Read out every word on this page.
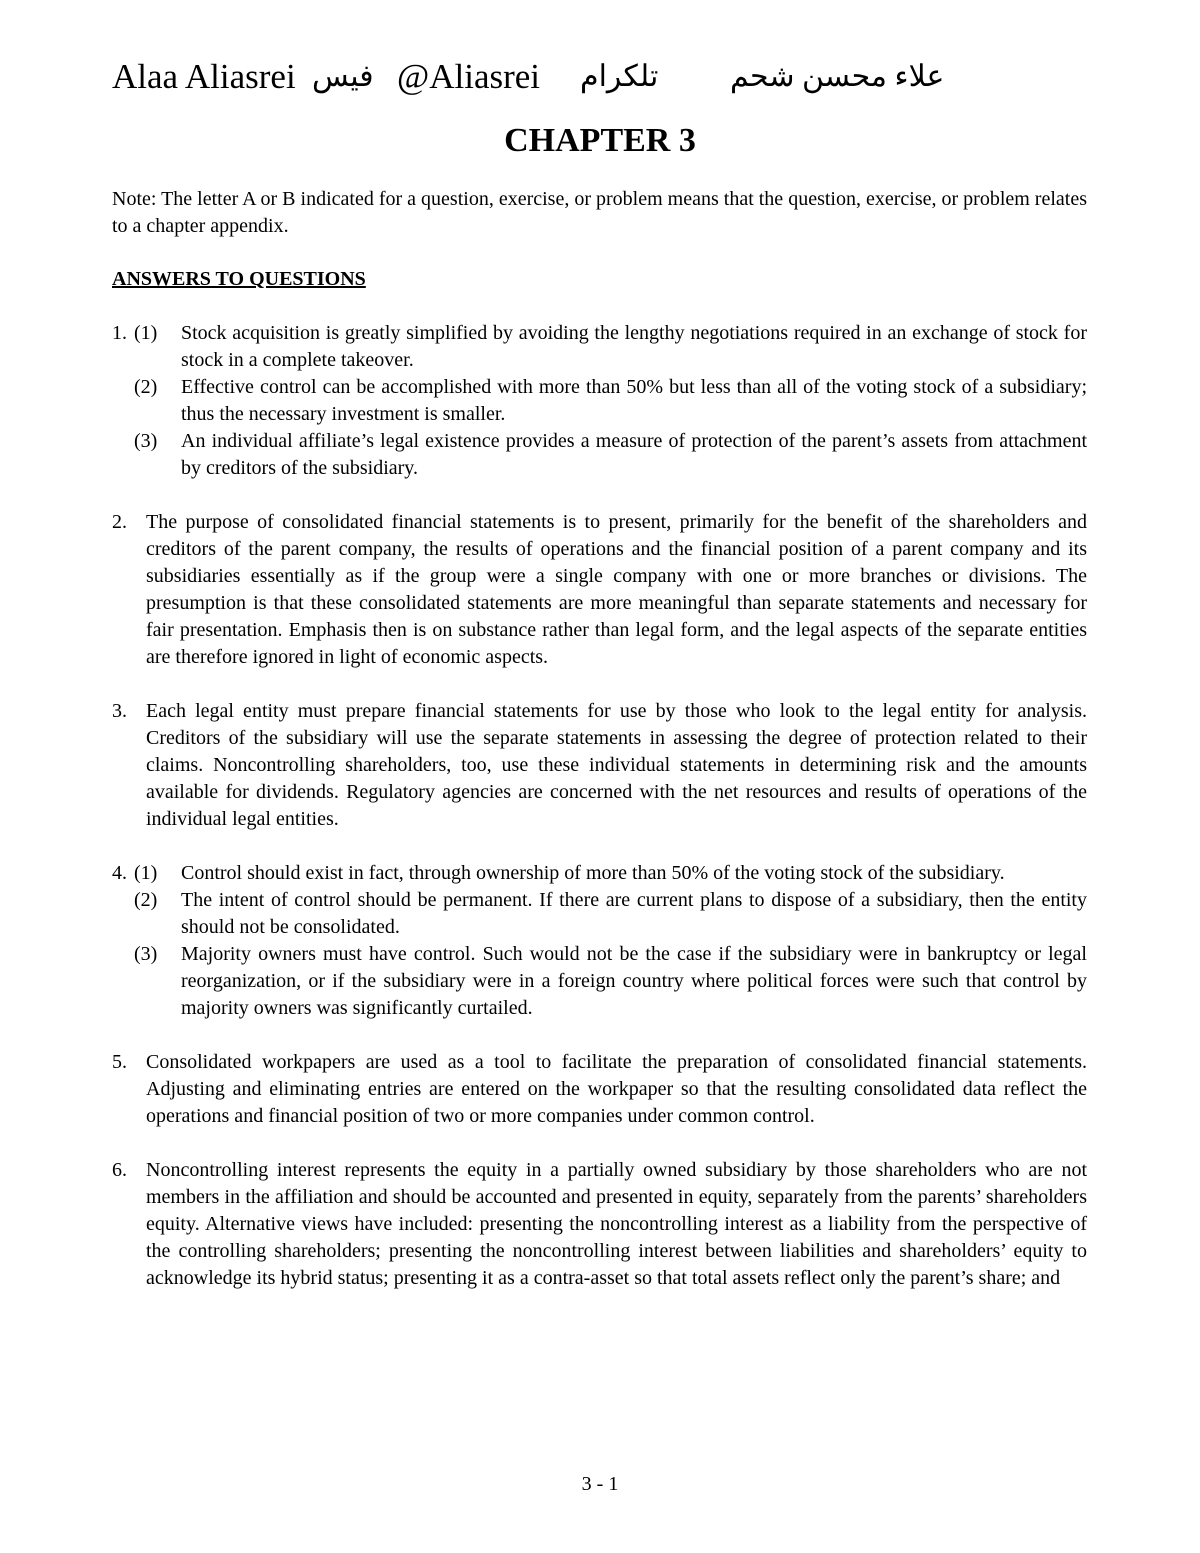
Alaa Aliasrei فيس @Aliasrei تلكرام علاء محسن شحم
CHAPTER 3

Note: The letter A or B indicated for a question, exercise, or problem means that the question, exercise, or problem relates to a chapter appendix.

ANSWERS TO QUESTIONS

1. (1) Stock acquisition is greatly simplified by avoiding the lengthy negotiations required in an exchange of stock for stock in a complete takeover.
(2) Effective control can be accomplished with more than 50% but less than all of the voting stock of a subsidiary; thus the necessary investment is smaller.
(3) An individual affiliate’s legal existence provides a measure of protection of the parent’s assets from attachment by creditors of the subsidiary.
2. The purpose of consolidated financial statements is to present, primarily for the benefit of the shareholders and creditors of the parent company, the results of operations and the financial position of a parent company and its subsidiaries essentially as if the group were a single company with one or more branches or divisions. The presumption is that these consolidated statements are more meaningful than separate statements and necessary for fair presentation. Emphasis then is on substance rather than legal form, and the legal aspects of the separate entities are therefore ignored in light of economic aspects.
3. Each legal entity must prepare financial statements for use by those who look to the legal entity for analysis. Creditors of the subsidiary will use the separate statements in assessing the degree of protection related to their claims. Noncontrolling shareholders, too, use these individual statements in determining risk and the amounts available for dividends. Regulatory agencies are concerned with the net resources and results of operations of the individual legal entities.
4. (1) Control should exist in fact, through ownership of more than 50% of the voting stock of the subsidiary.
(2) The intent of control should be permanent. If there are current plans to dispose of a subsidiary, then the entity should not be consolidated.
(3) Majority owners must have control. Such would not be the case if the subsidiary were in bankruptcy or legal reorganization, or if the subsidiary were in a foreign country where political forces were such that control by majority owners was significantly curtailed.
5. Consolidated workpapers are used as a tool to facilitate the preparation of consolidated financial statements. Adjusting and eliminating entries are entered on the workpaper so that the resulting consolidated data reflect the operations and financial position of two or more companies under common control.
6. Noncontrolling interest represents the equity in a partially owned subsidiary by those shareholders who are not members in the affiliation and should be accounted and presented in equity, separately from the parents’ shareholders equity. Alternative views have included: presenting the noncontrolling interest as a liability from the perspective of the controlling shareholders; presenting the noncontrolling interest between liabilities and shareholders’ equity to acknowledge its hybrid status; presenting it as a contra-asset so that total assets reflect only the parent’s share; and
3 - 1
